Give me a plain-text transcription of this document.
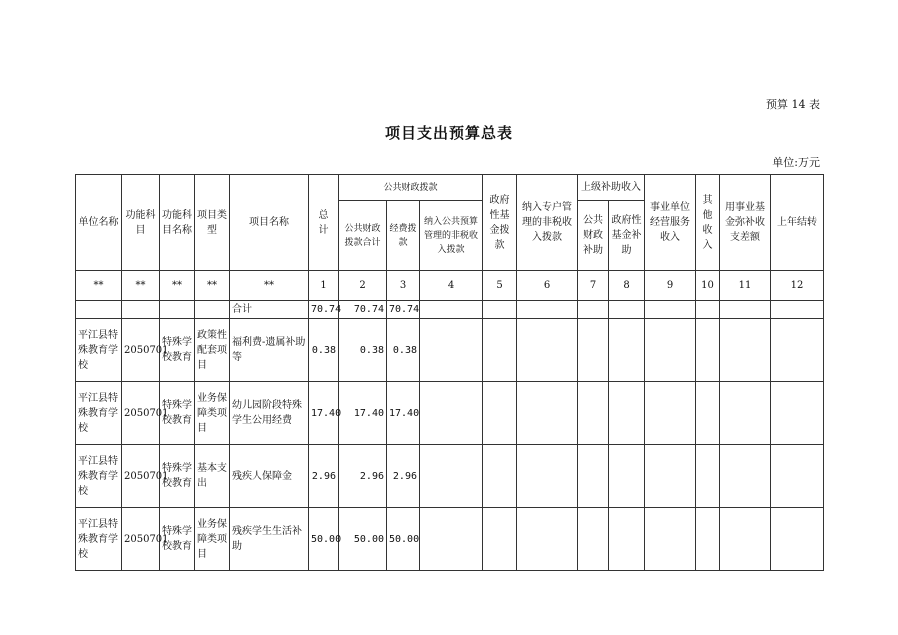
预算 14 表
项目支出预算总表
单位:万元
单位名称	功能科目	功能科目名称	项目类型	项目名称	总　计	公共财政拨款			政府性基金拨款	纳入专户管理的非税收入拨款	上级补助收入		事业单位经营服务收入	其他收入	用事业基金弥补收支差额	上年结转
						公共财政拨款合计	经费拨款	纳入公共预算管理的非税收入拨款			公共财政补助	政府性基金补助				
**	**	**	**	**	1	2	3	4	5	6	7	8	9	10	11	12
				合计	70.74	70.74	70.74									
平江县特殊教育学校	2050701	特殊学校教育	政策性配套项目	福利费-遗属补助等	0.38	0.38	0.38									
平江县特殊教育学校	2050701	特殊学校教育	业务保障类项目	幼儿园阶段特殊学生公用经费	17.40	17.40	17.40									
平江县特殊教育学校	2050701	特殊学校教育	基本支出	残疾人保障金	2.96	2.96	2.96									
平江县特殊教育学校	2050701	特殊学校教育	业务保障类项目	残疾学生生活补助	50.00	50.00	50.00									
